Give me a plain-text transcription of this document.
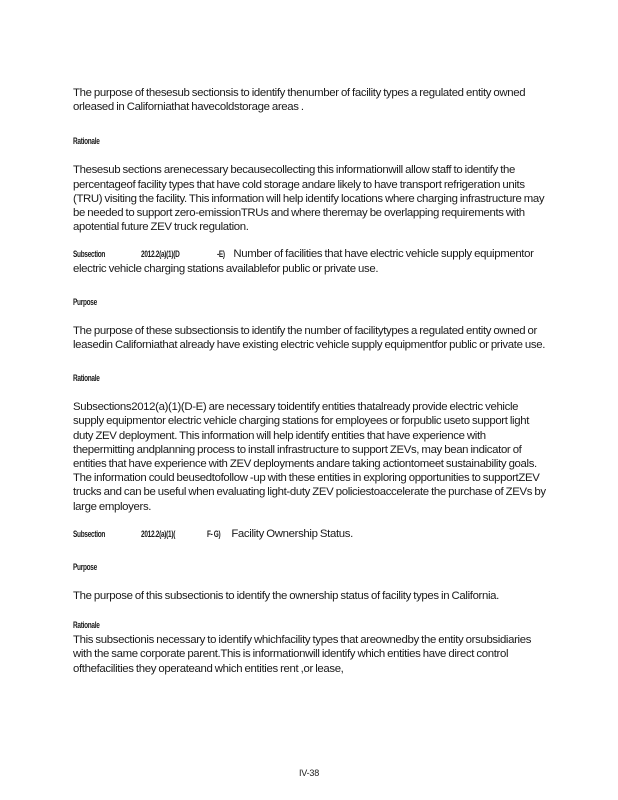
The purpose of thesesub sectionsis to identify thenumber of facility types a regulated entity owned orleased in Californiathat havecoldstorage areas .

Rationale

Thesesub sections arenecessary becausecollecting this informationwill allow staff to identify the percentageof facility types that have cold storage andare likely to have transport refrigeration units (TRU) visiting the facility. This information will help identify locations where charging infrastructure may be needed to support zero-emissionTRUs and where theremay be overlapping requirements with apotential future ZEV truck regulation.

Subsection	2012.2(a)(1)(D	-E) Number of facilities that have electric vehicle supply equipmentor electric vehicle charging stations availablefor public or private use.

Purpose

The purpose of these subsectionsis to identify the number of facilitytypes a regulated entity owned or leasedin Californiathat already have existing electric vehicle supply equipmentfor public or private use.

Rationale

Subsections2012(a)(1)(D-E) are necessary toidentify entities thatalready provide electric vehicle supply equipmentor electric vehicle charging stations for employees or forpublic useto support light duty ZEV deployment. This information will help identify entities that have experience with thepermitting andplanning process to install infrastructure to support ZEVs, may bean indicator of entities that have experience with ZEV deployments andare taking actiontomeet sustainability goals. The information could beusedtofollow -up with these entities in exploring opportunities to supportZEV trucks and can be useful when evaluating light-duty ZEV policiestoaccelerate the purchase of ZEVs by large employers.

Subsection	2012.2(a)(1)(	F- G) Facility Ownership Status.

Purpose

The purpose of this subsectionis to identify the ownership status of facility types in California.

Rationale

This subsectionis necessary to identify whichfacility types that areownedby the entity orsubsidiaries with the same corporate parent.This is informationwill identify which entities have direct control ofthefacilities they operateand which entities rent ,or lease,

IV-38
